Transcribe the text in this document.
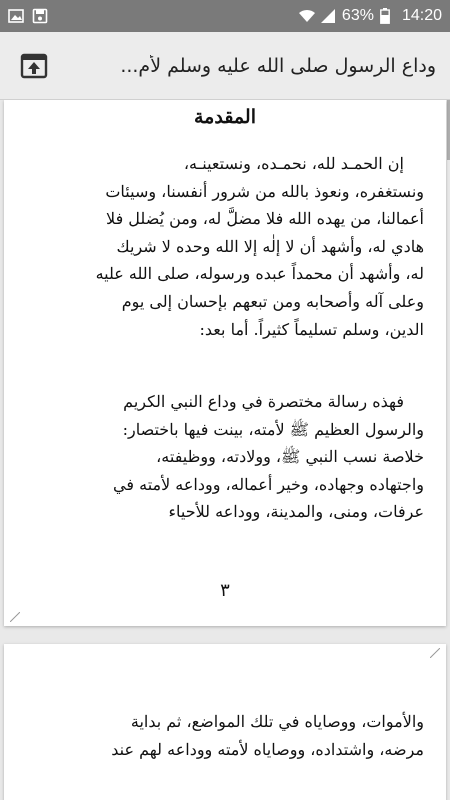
63% 14:20
وداع الرسول صلى الله عليه وسلم لأم...
المقدمة
إن الحمـد لله، نحمـده، ونستعينـه،
ونستغفره، ونعوذ بالله من شرور أنفسنا، وسيئات
أعمالنا، من يهده الله فلا مضلَّ له، ومن يُضلل فلا
هادي له، وأشهد أن لا إلٰه إلا الله وحده لا شريك
له، وأشهد أن محمداً عبده ورسوله، صلى الله عليه
وعلى آله وأصحابه ومن تبعهم بإحسان إلى يوم
الدين، وسلم تسليماً كثيراً. أما بعد:
فهذه رسالة مختصرة في وداع النبي الكريم
والرسول العظيم ﷺ لأمته، بينت فيها باختصار:
خلاصة نسب النبي ﷺ، وولادته، ووظيفته،
واجتهاده وجهاده، وخير أعماله، ووداعه لأمته في
عرفات، ومنى، والمدينة، ووداعه للأحياء
٣
والأموات، ووصاياه في تلك المواضع، ثم بداية
مرضه، واشتداده، ووصاياه لأمته ووداعه لهم عند
